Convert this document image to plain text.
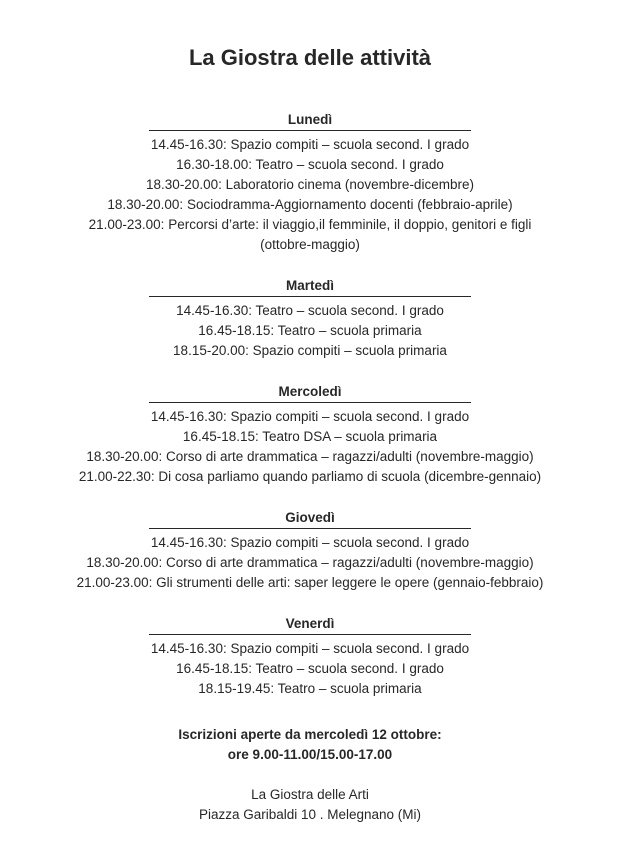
La Giostra delle attività
Lunedì
14.45-16.30: Spazio compiti – scuola second. I grado
16.30-18.00: Teatro – scuola second. I grado
18.30-20.00: Laboratorio cinema (novembre-dicembre)
18.30-20.00: Sociodramma-Aggiornamento docenti (febbraio-aprile)
21.00-23.00: Percorsi d’arte: il viaggio,il femminile, il doppio, genitori e figli
(ottobre-maggio)
Martedì
14.45-16.30: Teatro – scuola second. I grado
16.45-18.15: Teatro – scuola primaria
18.15-20.00: Spazio compiti – scuola primaria
Mercoledì
14.45-16.30: Spazio compiti – scuola second. I grado
16.45-18.15: Teatro DSA – scuola primaria
18.30-20.00: Corso di arte drammatica – ragazzi/adulti (novembre-maggio)
21.00-22.30: Di cosa parliamo quando parliamo di scuola (dicembre-gennaio)
Giovedì
14.45-16.30: Spazio compiti – scuola second. I grado
18.30-20.00: Corso di arte drammatica – ragazzi/adulti (novembre-maggio)
21.00-23.00: Gli strumenti delle arti: saper leggere le opere (gennaio-febbraio)
Venerdì
14.45-16.30: Spazio compiti – scuola second. I grado
16.45-18.15: Teatro – scuola second. I grado
18.15-19.45: Teatro – scuola primaria
Iscrizioni aperte da mercoledì 12 ottobre:
ore 9.00-11.00/15.00-17.00
La Giostra delle Arti
Piazza Garibaldi 10 . Melegnano (Mi)
